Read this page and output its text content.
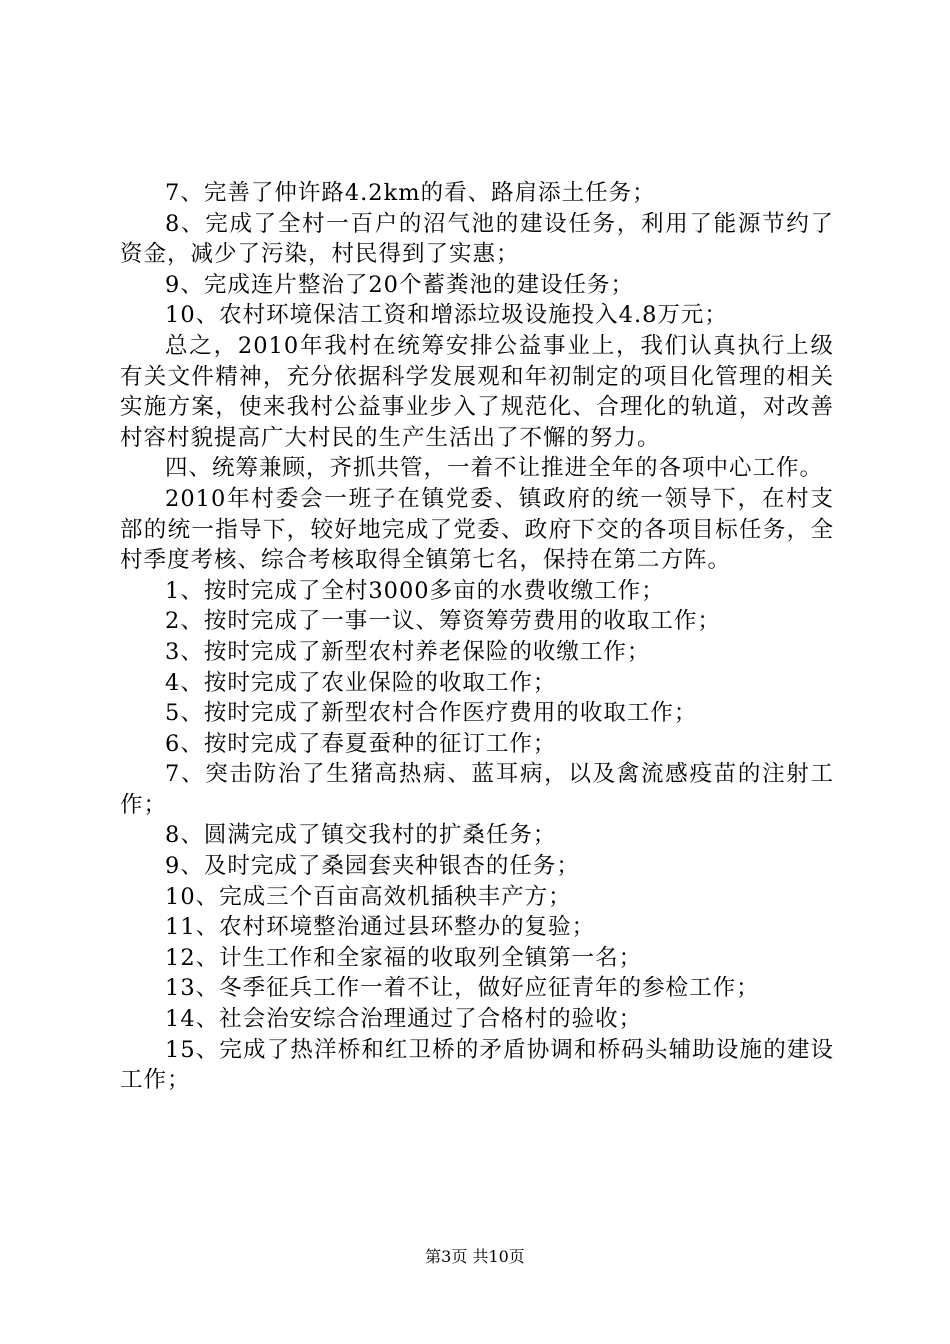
7、完善了仲许路4.2km的看、路肩添土任务；

8、完成了全村一百户的沼气池的建设任务，利用了能源节约了资金，减少了污染，村民得到了实惠；

9、完成连片整治了20个蓄粪池的建设任务；

10、农村环境保洁工资和增添垃圾设施投入4.8万元；

总之，2010年我村在统筹安排公益事业上，我们认真执行上级有关文件精神，充分依据科学发展观和年初制定的项目化管理的相关实施方案，使来我村公益事业步入了规范化、合理化的轨道，对改善村容村貌提高广大村民的生产生活出了不懈的努力。

四、统筹兼顾，齐抓共管，一着不让推进全年的各项中心工作。

2010年村委会一班子在镇党委、镇政府的统一领导下，在村支部的统一指导下，较好地完成了党委、政府下交的各项目标任务，全村季度考核、综合考核取得全镇第七名，保持在第二方阵。

1、按时完成了全村3000多亩的水费收缴工作；

2、按时完成了一事一议、筹资筹劳费用的收取工作；

3、按时完成了新型农村养老保险的收缴工作；

4、按时完成了农业保险的收取工作；

5、按时完成了新型农村合作医疗费用的收取工作；

6、按时完成了春夏蚕种的征订工作；

7、突击防治了生猪高热病、蓝耳病，以及禽流感疫苗的注射工作；

8、圆满完成了镇交我村的扩桑任务；

9、及时完成了桑园套夹种银杏的任务；

10、完成三个百亩高效机插秧丰产方；

11、农村环境整治通过县环整办的复验；

12、计生工作和全家福的收取列全镇第一名；

13、冬季征兵工作一着不让，做好应征青年的参检工作；

14、社会治安综合治理通过了合格村的验收；

15、完成了热洋桥和红卫桥的矛盾协调和桥码头辅助设施的建设工作；

第3页 共10页
